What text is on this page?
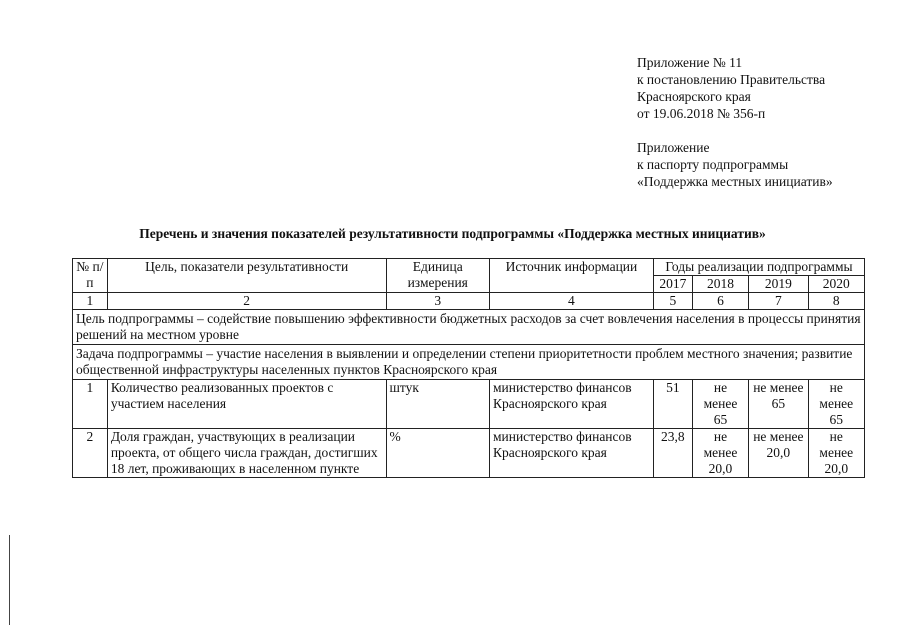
Приложение № 11
к постановлению Правительства
Красноярского края
от 19.06.2018 № 356-п
Приложение
к паспорту подпрограммы
«Поддержка местных инициатив»
Перечень и значения показателей результативности подпрограммы «Поддержка местных инициатив»
№ п/п	Цель, показатели результативности	Единица измерения	Источник информации	Годы реализации подпрограммы			
				2017	2018	2019	2020
1	2	3	4	5	6	7	8
Цель подпрограммы – содействие повышению эффективности бюджетных расходов за счет вовлечения населения в процессы принятия решений на местном уровне							
Задача подпрограммы – участие населения в выявлении и определении степени приоритетности проблем местного значения; развитие общественной инфраструктуры населенных пунктов Красноярского края							
1	Количество реализованных проектов с участием населения	штук	министерство финансов Красноярского края	51	не менее 65	не менее 65	не менее 65
2	Доля граждан, участвующих в реализации проекта, от общего числа граждан, достигших 18 лет, проживающих в населенном пункте	%	министерство финансов Красноярского края	23,8	не менее 20,0	не менее 20,0	не менее 20,0
